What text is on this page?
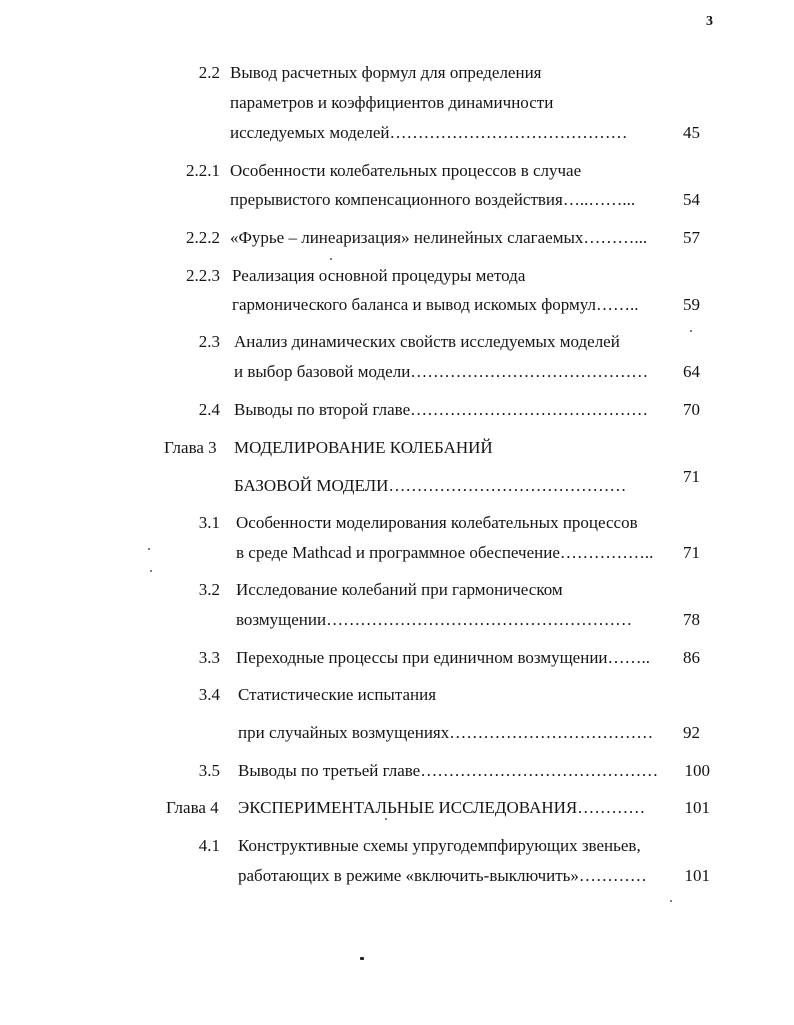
3
2.2 Вывод расчетных формул для определения
параметров и коэффициентов динамичности
исследуемых моделей……………………………………	45
2.2.1 Особенности колебательных процессов в случае
прерывистого компенсационного воздействия…..……...	54
2.2.2 «Фурье – линеаризация» нелинейных слагаемых………...	57
2.2.3 Реализация основной процедуры метода
гармонического баланса и вывод искомых формул……..	59
2.3 Анализ динамических свойств исследуемых моделей
и выбор базовой модели……………………………………	64
2.4 Выводы по второй главе……………………………………	70
Глава 3 МОДЕЛИРОВАНИЕ КОЛЕБАНИЙ
БАЗОВОЙ МОДЕЛИ……………………………………	71
3.1 Особенности моделирования колебательных процессов
в среде Mathcad и программное обеспечение……………..	71
3.2 Исследование колебаний при гармоническом
возмущении………………………………………………	78
3.3 Переходные процессы при единичном возмущении……..	86
3.4 Статистические испытания
при случайных возмущениях………………………………	92
3.5 Выводы по третьей главе……………………………………	100
Глава 4 ЭКСПЕРИМЕНТАЛЬНЫЕ ИССЛЕДОВАНИЯ…………	101
4.1 Конструктивные схемы упругодемпфирующих звеньев,
работающих в режиме «включить-выключить»…………	101
